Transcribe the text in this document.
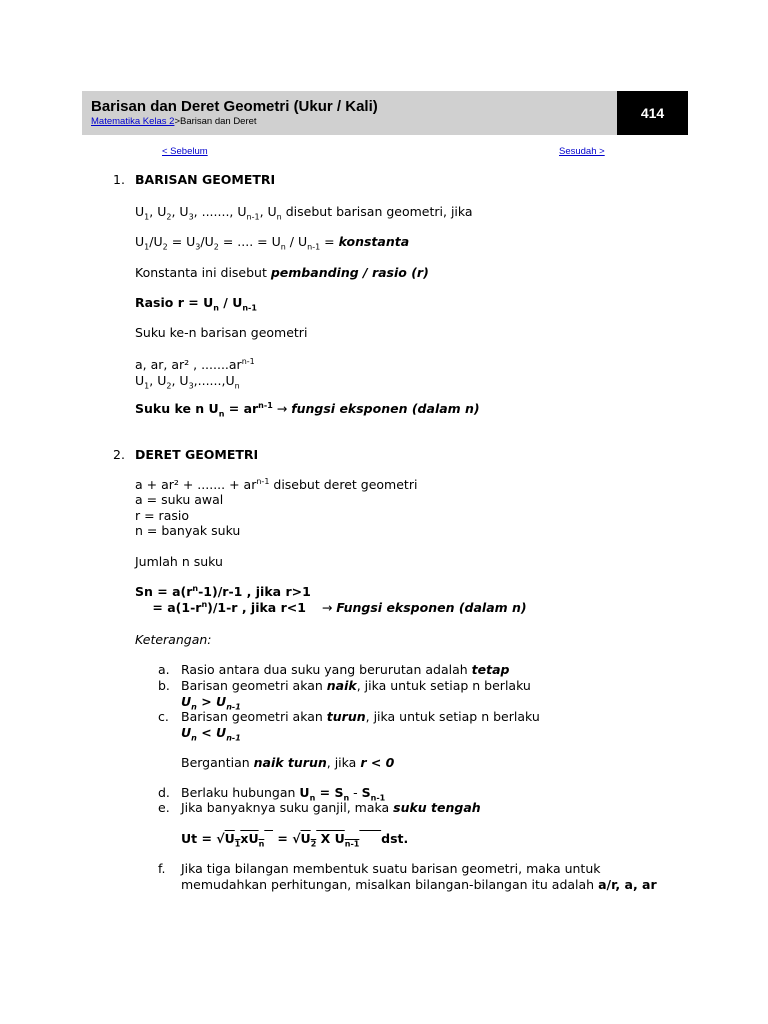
Barisan dan Deret Geometri (Ukur / Kali)
Matematika Kelas 2>Barisan dan Deret
414
< Sebelum	Sesudah >
1. BARISAN GEOMETRI
$U_1$, $U_2$, $U_3$, ......., $U_{n-1}$, $U_n$ disebut barisan geometri, jika
$U_1/U_2 = U_3/U_2$ = .... = $U_n / U_{n-1}$ = konstanta
Konstanta ini disebut pembanding / rasio (r)
Rasio $r = U_n / U_{n-1}$
Suku ke-n barisan geometri
a, ar, ar² , $.......ar^{n-1}$
$U_1$, $U_2$, $U_3,......,U_n$
Suku ke n $U_n = ar^{n-1}$ → fungsi eksponen (dalam n)
2. DERET GEOMETRI
a + ar² + ....... + $ar^{n-1}$ disebut deret geometri
a = suku awal
r = rasio
n = banyak suku
Jumlah n suku
$Sn = a(r^n-1)/r-1$ , jika r>1
= $a(1-r^n)/1-r$ , jika r<1    → Fungsi eksponen (dalam n)
Keterangan:
a. Rasio antara dua suku yang berurutan adalah tetap
b. Barisan geometri akan naik, jika untuk setiap n berlaku
$U_n > U_{n-1}$
c. Barisan geometri akan turun, jika untuk setiap n berlaku
$U_n < U_{n-1}$
Bergantian naik turun, jika r < 0
d. Berlaku hubungan $U_n = S_n - S_{n-1}$
e. Jika banyaknya suku ganjil, maka suku tengah
$Ut = √U_1xU_n = √U_2$ X $U_{n-1}$ dst.
f. Jika tiga bilangan membentuk suatu barisan geometri, maka untuk
memudahkan perhitungan, misalkan bilangan-bilangan itu adalah a/r, a, ar
